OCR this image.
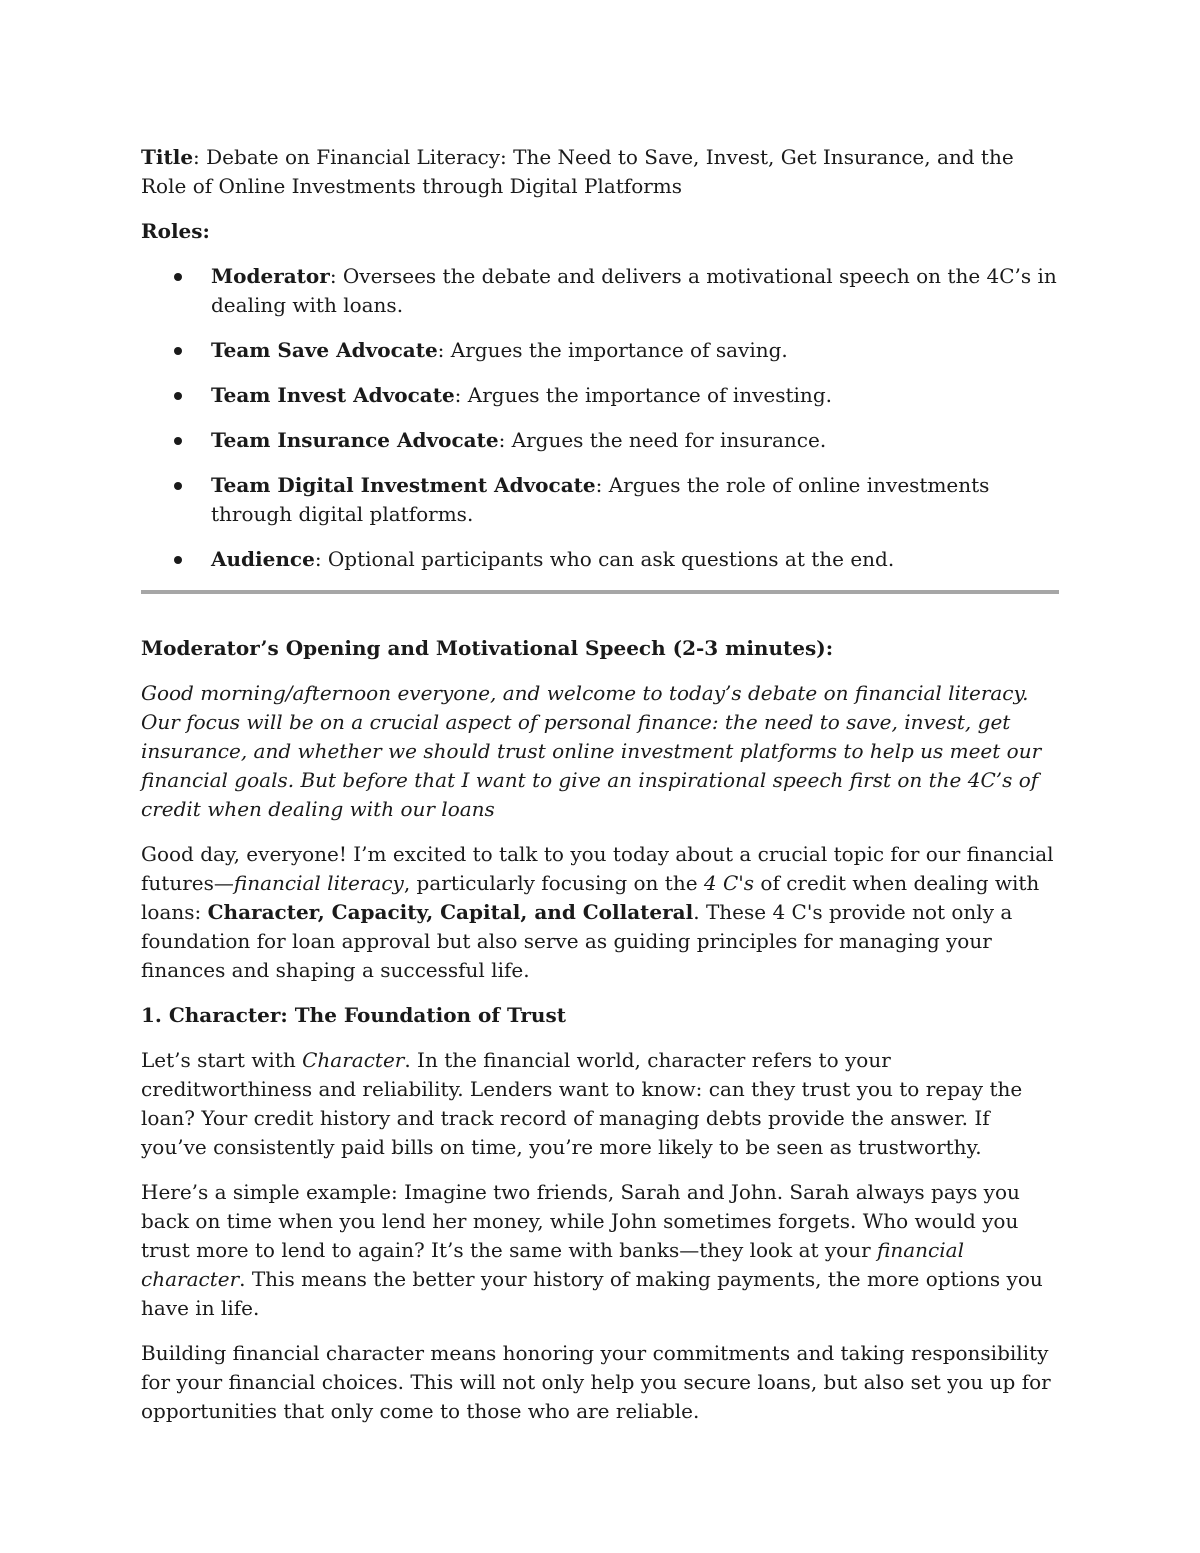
Title: Debate on Financial Literacy: The Need to Save, Invest, Get Insurance, and the Role of Online Investments through Digital Platforms

Roles:

Moderator: Oversees the debate and delivers a motivational speech on the 4C’s in dealing with loans.
Team Save Advocate: Argues the importance of saving.
Team Invest Advocate: Argues the importance of investing.
Team Insurance Advocate: Argues the need for insurance.
Team Digital Investment Advocate: Argues the role of online investments through digital platforms.
Audience: Optional participants who can ask questions at the end.

Moderator’s Opening and Motivational Speech (2-3 minutes):

Good morning/afternoon everyone, and welcome to today’s debate on financial literacy. Our focus will be on a crucial aspect of personal finance: the need to save, invest, get insurance, and whether we should trust online investment platforms to help us meet our financial goals. But before that I want to give an inspirational speech first on the 4C’s of credit when dealing with our loans

Good day, everyone! I’m excited to talk to you today about a crucial topic for our financial futures—financial literacy, particularly focusing on the 4 C's of credit when dealing with loans: Character, Capacity, Capital, and Collateral. These 4 C's provide not only a foundation for loan approval but also serve as guiding principles for managing your finances and shaping a successful life.

1. Character: The Foundation of Trust

Let’s start with Character. In the financial world, character refers to your creditworthiness and reliability. Lenders want to know: can they trust you to repay the loan? Your credit history and track record of managing debts provide the answer. If you’ve consistently paid bills on time, you’re more likely to be seen as trustworthy.

Here’s a simple example: Imagine two friends, Sarah and John. Sarah always pays you back on time when you lend her money, while John sometimes forgets. Who would you trust more to lend to again? It’s the same with banks—they look at your financial character. This means the better your history of making payments, the more options you have in life.

Building financial character means honoring your commitments and taking responsibility for your financial choices. This will not only help you secure loans, but also set you up for opportunities that only come to those who are reliable.
